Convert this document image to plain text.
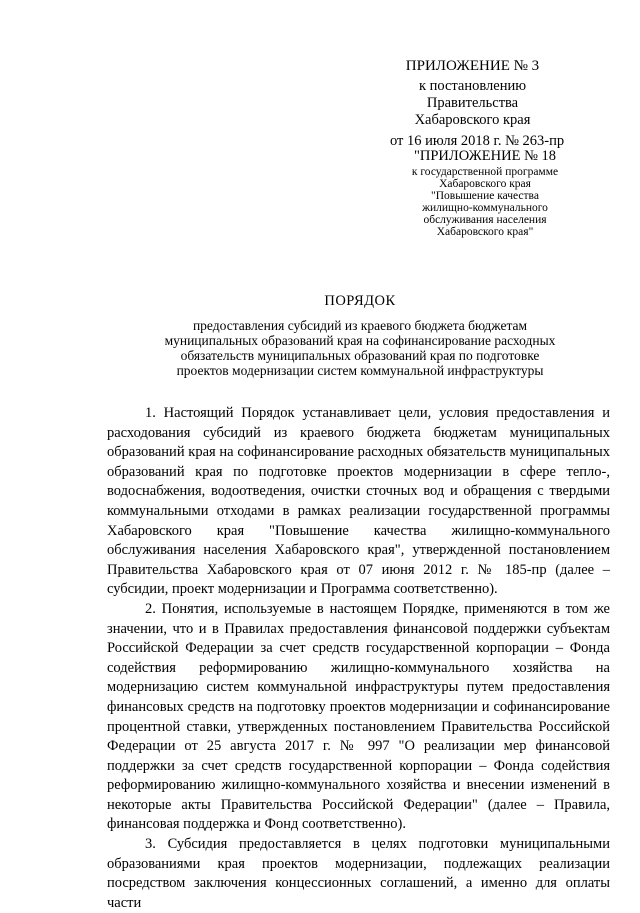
ПРИЛОЖЕНИЕ № 3
к постановлению
Правительства
Хабаровского края
от 16 июля 2018 г. № 263-пр
"ПРИЛОЖЕНИЕ № 18
к государственной программе
Хабаровского края
"Повышение качества
жилищно-коммунального
обслуживания населения
Хабаровского края"
ПОРЯДОК
предоставления субсидий из краевого бюджета бюджетам
муниципальных образований края на софинансирование расходных
обязательств муниципальных образований края по подготовке
проектов модернизации систем коммунальной инфраструктуры

1. Настоящий Порядок устанавливает цели, условия предоставления и расходования субсидий из краевого бюджета бюджетам муниципальных образований края на софинансирование расходных обязательств муниципальных образований края по подготовке проектов модернизации в сфере тепло-, водоснабжения, водоотведения, очистки сточных вод и обращения с твердыми коммунальными отходами в рамках реализации государственной программы Хабаровского края "Повышение качества жилищно-коммунального обслуживания населения Хабаровского края", утвержденной постановлением Правительства Хабаровского края от 07 июня 2012 г. № 185-пр (далее – субсидии, проект модернизации и Программа соответственно).

2. Понятия, используемые в настоящем Порядке, применяются в том же значении, что и в Правилах предоставления финансовой поддержки субъектам Российской Федерации за счет средств государственной корпорации – Фонда содействия реформированию жилищно-коммунального хозяйства на модернизацию систем коммунальной инфраструктуры путем предоставления финансовых средств на подготовку проектов модернизации и софинансирование процентной ставки, утвержденных постановлением Правительства Российской Федерации от 25 августа 2017 г. № 997 "О реализации мер финансовой поддержки за счет средств государственной корпорации – Фонда содействия реформированию жилищно-коммунального хозяйства и внесении изменений в некоторые акты Правительства Российской Федерации" (далее – Правила, финансовая поддержка и Фонд соответственно).

3. Субсидия предоставляется в целях подготовки муниципальными образованиями края проектов модернизации, подлежащих реализации посредством заключения концессионных соглашений, а именно для оплаты части
